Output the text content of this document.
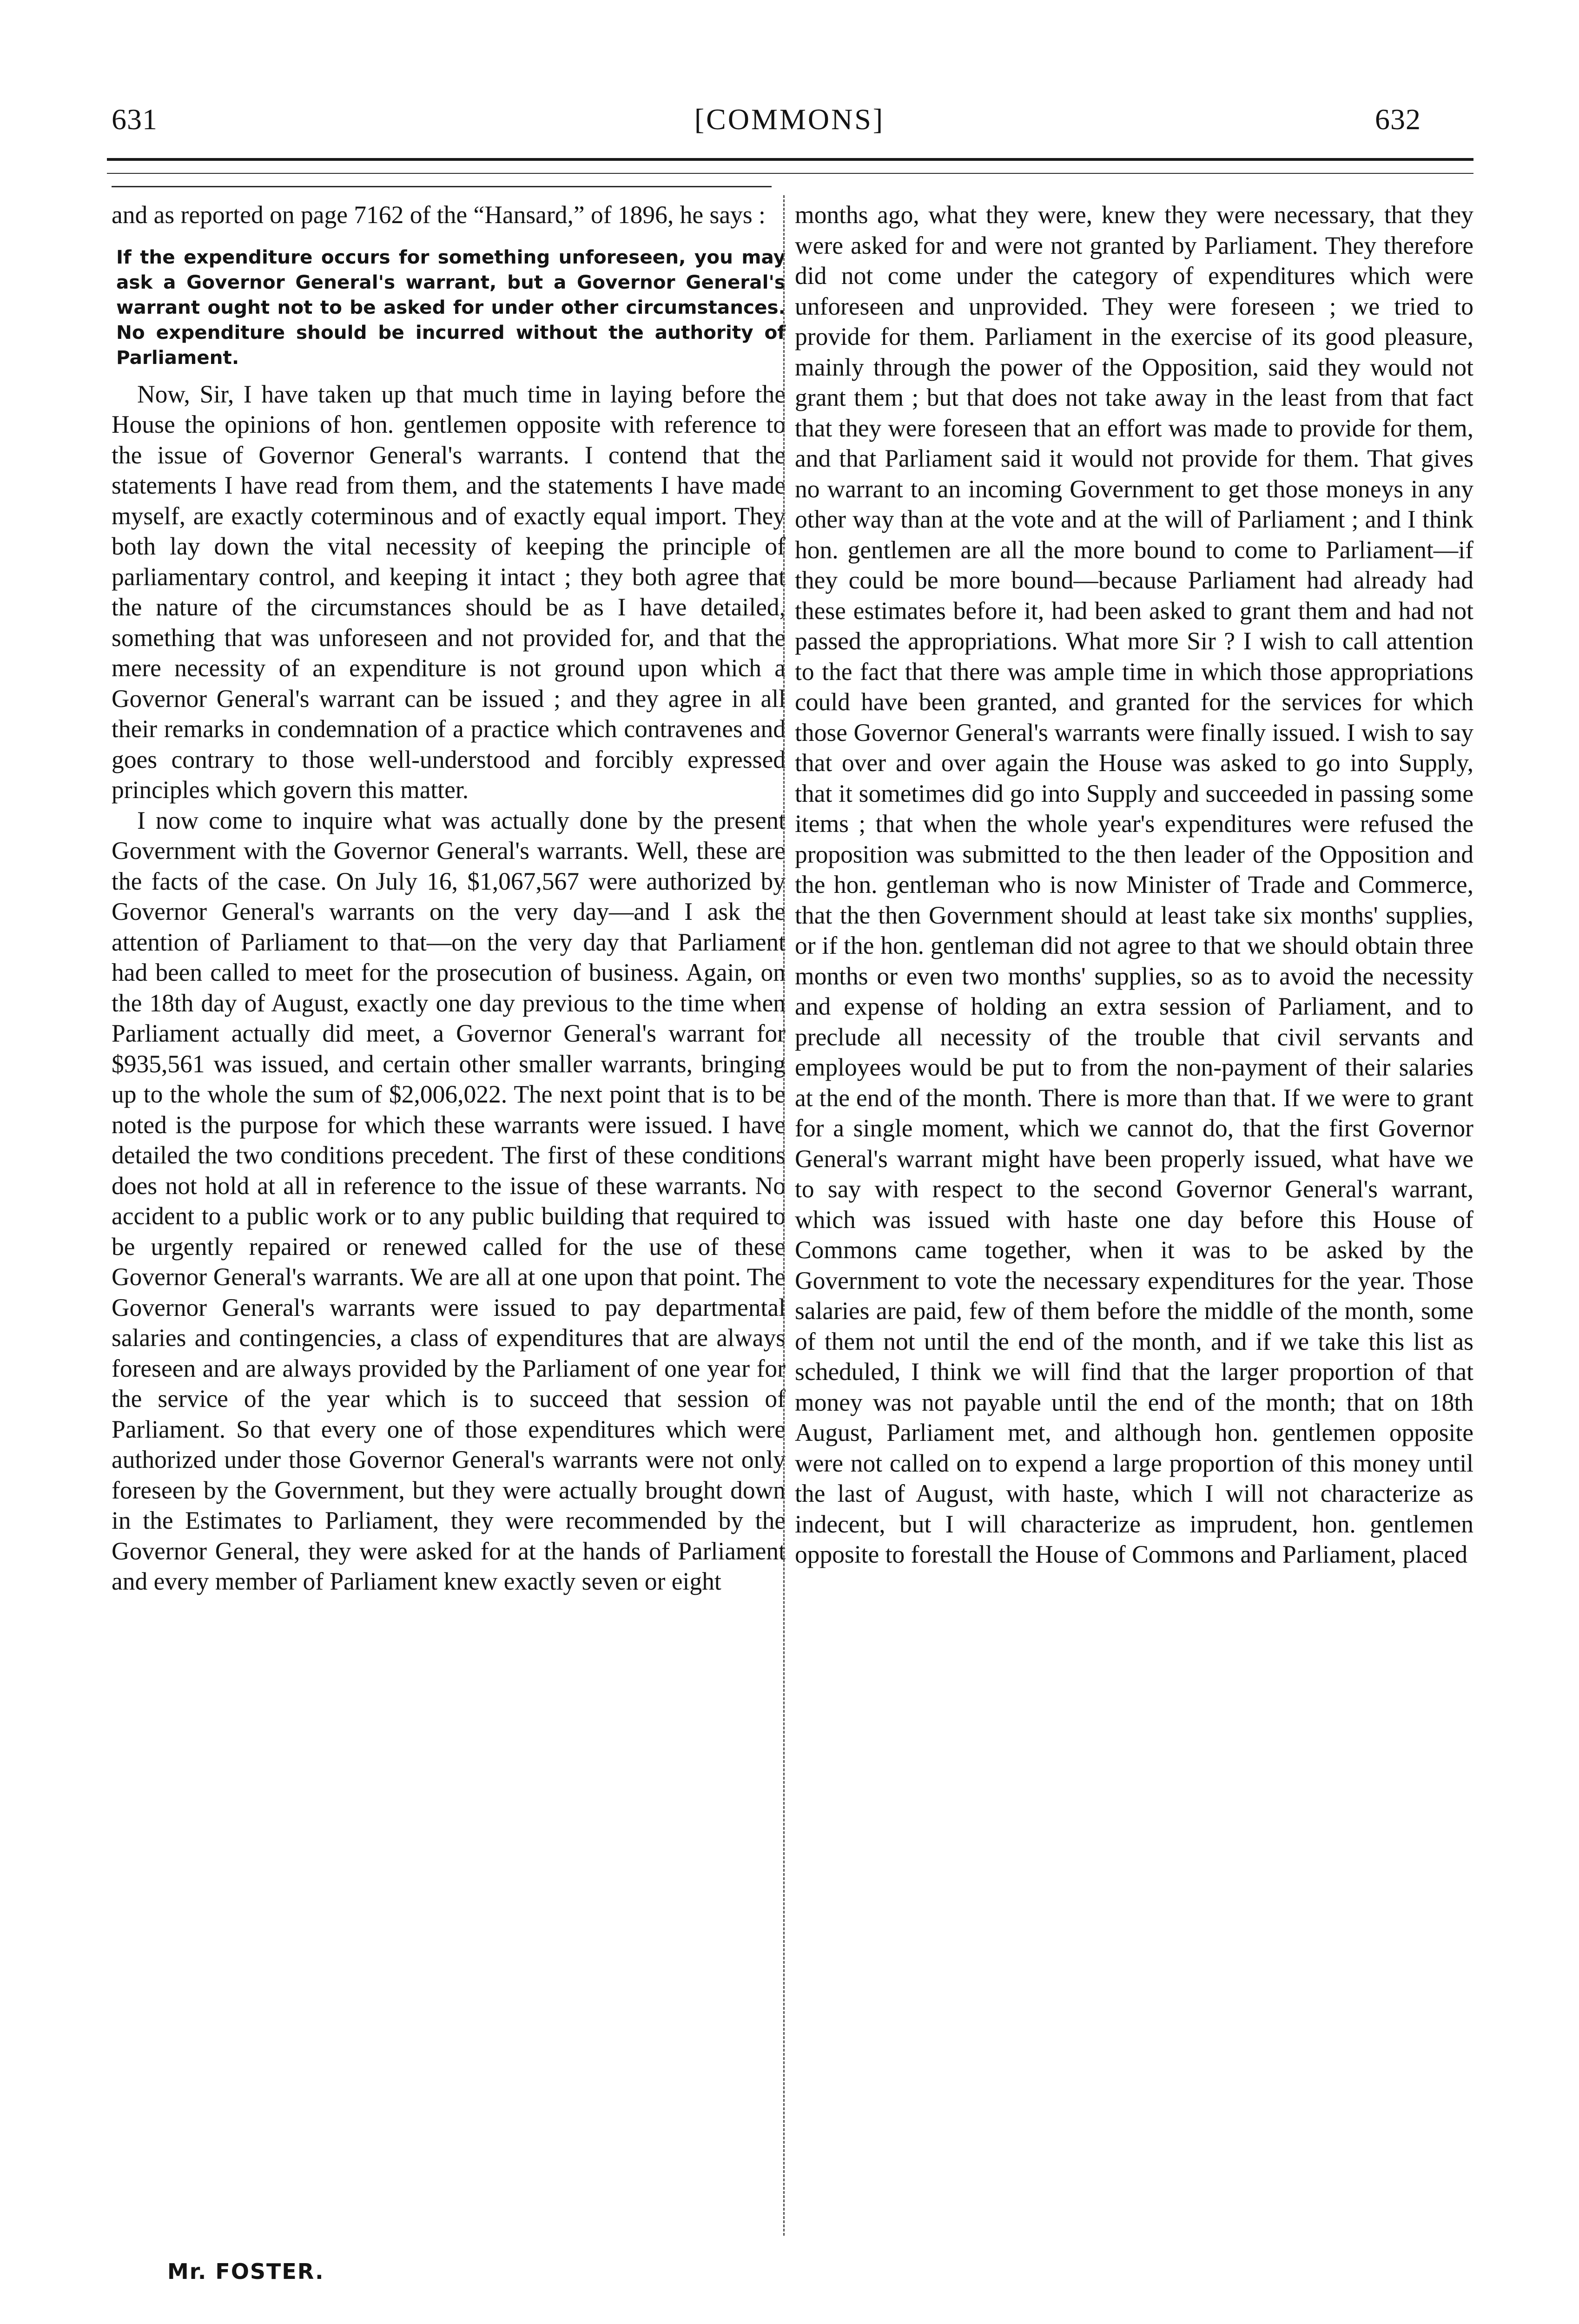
631	[COMMONS]	632

and as reported on page 7162 of the “Hansard,” of 1896, he says :

If the expenditure occurs for something unforeseen, you may ask a Governor General's warrant, but a Governor General's warrant ought not to be asked for under other circumstances. No expenditure should be incurred without the authority of Parliament.

Now, Sir, I have taken up that much time in laying before the House the opinions of hon. gentlemen opposite with reference to the issue of Governor General's warrants. I contend that the statements I have read from them, and the statements I have made myself, are exactly coterminous and of exactly equal import. They both lay down the vital necessity of keeping the principle of parliamentary control, and keeping it intact ; they both agree that the nature of the circumstances should be as I have detailed, something that was unforeseen and not provided for, and that the mere necessity of an expenditure is not ground upon which a Governor General's warrant can be issued ; and they agree in all their remarks in condemnation of a practice which contravenes and goes contrary to those well-understood and forcibly expressed principles which govern this matter.

I now come to inquire what was actually done by the present Government with the Governor General's warrants. Well, these are the facts of the case. On July 16, $1,067,567 were authorized by Governor General's warrants on the very day—and I ask the attention of Parliament to that—on the very day that Parliament had been called to meet for the prosecution of business. Again, on the 18th day of August, exactly one day previous to the time when Parliament actually did meet, a Governor General's warrant for $935,561 was issued, and certain other smaller warrants, bringing up to the whole the sum of $2,006,022. The next point that is to be noted is the purpose for which these warrants were issued. I have detailed the two conditions precedent. The first of these conditions does not hold at all in reference to the issue of these warrants. No accident to a public work or to any public building that required to be urgently repaired or renewed called for the use of these Governor General's warrants. We are all at one upon that point. The Governor General's warrants were issued to pay departmental salaries and contingencies, a class of expenditures that are always foreseen and are always provided by the Parliament of one year for the service of the year which is to succeed that session of Parliament. So that every one of those expenditures which were authorized under those Governor General's warrants were not only foreseen by the Government, but they were actually brought down in the Estimates to Parliament, they were recommended by the Governor General, they were asked for at the hands of Parliament and every member of Parliament knew exactly seven or eight

months ago, what they were, knew they were necessary, that they were asked for and were not granted by Parliament. They therefore did not come under the category of expenditures which were unforeseen and unprovided. They were foreseen ; we tried to provide for them. Parliament in the exercise of its good pleasure, mainly through the power of the Opposition, said they would not grant them ; but that does not take away in the least from that fact that they were foreseen that an effort was made to provide for them, and that Parliament said it would not provide for them. That gives no warrant to an incoming Government to get those moneys in any other way than at the vote and at the will of Parliament ; and I think hon. gentlemen are all the more bound to come to Parliament—if they could be more bound—because Parliament had already had these estimates before it, had been asked to grant them and had not passed the appropriations. What more Sir ? I wish to call attention to the fact that there was ample time in which those appropriations could have been granted, and granted for the services for which those Governor General's warrants were finally issued. I wish to say that over and over again the House was asked to go into Supply, that it sometimes did go into Supply and succeeded in passing some items ; that when the whole year's expenditures were refused the proposition was submitted to the then leader of the Opposition and the hon. gentleman who is now Minister of Trade and Commerce, that the then Government should at least take six months' supplies, or if the hon. gentleman did not agree to that we should obtain three months or even two months' supplies, so as to avoid the necessity and expense of holding an extra session of Parliament, and to preclude all necessity of the trouble that civil servants and employees would be put to from the non-payment of their salaries at the end of the month. There is more than that. If we were to grant for a single moment, which we cannot do, that the first Governor General's warrant might have been properly issued, what have we to say with respect to the second Governor General's warrant, which was issued with haste one day before this House of Commons came together, when it was to be asked by the Government to vote the necessary expenditures for the year. Those salaries are paid, few of them before the middle of the month, some of them not until the end of the month, and if we take this list as scheduled, I think we will find that the larger proportion of that money was not payable until the end of the month; that on 18th August, Parliament met, and although hon. gentlemen opposite were not called on to expend a large proportion of this money until the last of August, with haste, which I will not characterize as indecent, but I will characterize as imprudent, hon. gentlemen opposite to forestall the House of Commons and Parliament, placed

Mr. FOSTER.
